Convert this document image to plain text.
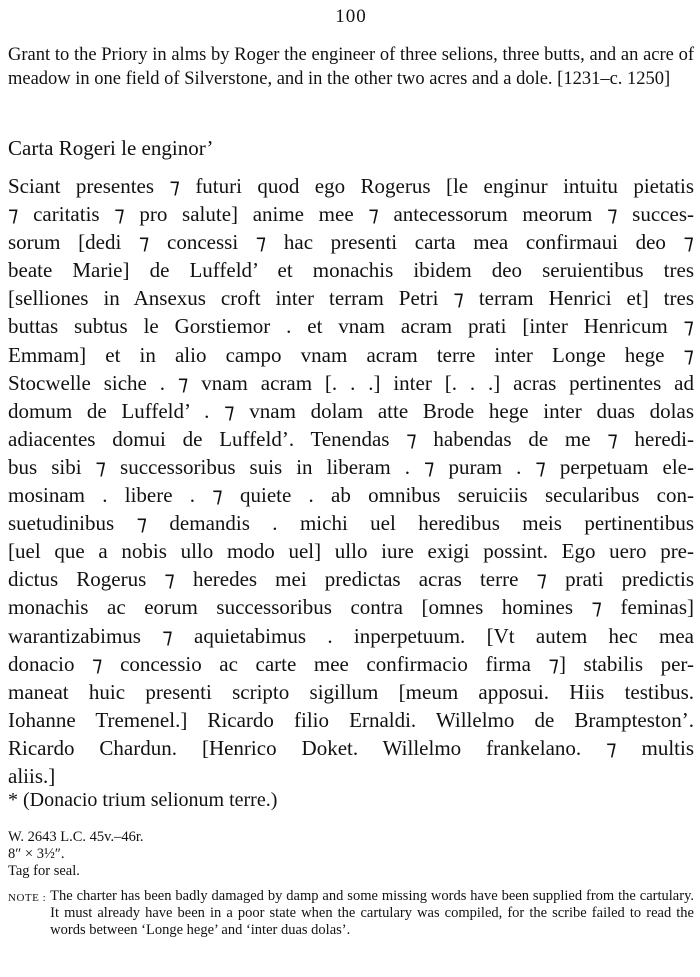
100
Grant to the Priory in alms by Roger the engineer of three selions, three butts, and an acre of meadow in one field of Silverstone, and in the other two acres and a dole. [1231–c. 1250]
Carta Rogeri le enginor’
Sciant presentes ⁊ futuri quod ego Rogerus [le enginur intuitu pietatis
⁊ caritatis ⁊ pro salute] anime mee ⁊ antecessorum meorum ⁊ succes-
sorum [dedi ⁊ concessi ⁊ hac presenti carta mea confirmaui deo ⁊
beate Marie] de Luffeld’ et monachis ibidem deo seruientibus tres
[selliones in Ansexus croft inter terram Petri ⁊ terram Henrici et] tres
buttas subtus le Gorstiemor . et vnam acram prati [inter Henricum ⁊
Emmam] et in alio campo vnam acram terre inter Longe hege ⁊
Stocwelle siche . ⁊ vnam acram [. . .] inter [. . .] acras pertinentes ad
domum de Luffeld’ . ⁊ vnam dolam atte Brode hege inter duas dolas
adiacentes domui de Luffeld’. Tenendas ⁊ habendas de me ⁊ heredi-
bus sibi ⁊ successoribus suis in liberam . ⁊ puram . ⁊ perpetuam ele-
mosinam . libere . ⁊ quiete . ab omnibus seruiciis secularibus con-
suetudinibus ⁊ demandis . michi uel heredibus meis pertinentibus
[uel que a nobis ullo modo uel] ullo iure exigi possint. Ego uero pre-
dictus Rogerus ⁊ heredes mei predictas acras terre ⁊ prati predictis
monachis ac eorum successoribus contra [omnes homines ⁊ feminas]
warantizabimus ⁊ aquietabimus . inperpetuum. [Vt autem hec mea
donacio ⁊ concessio ac carte mee confirmacio firma ⁊] stabilis per-
maneat huic presenti scripto sigillum [meum apposui. Hiis testibus.
Iohanne Tremenel.] Ricardo filio Ernaldi. Willelmo de Brampteston’.
Ricardo Chardun. [Henrico Doket. Willelmo frankelano. ⁊ multis
aliis.]
* (Donacio trium selionum terre.)
W. 2643 L.C. 45v.–46r.
8″ × 3½″.
Tag for seal.
NOTE : The charter has been badly damaged by damp and some missing words have been supplied from the cartulary. It must already have been in a poor state when the cartulary was compiled, for the scribe failed to read the words between ‘Longe hege’ and ‘inter duas dolas’.
